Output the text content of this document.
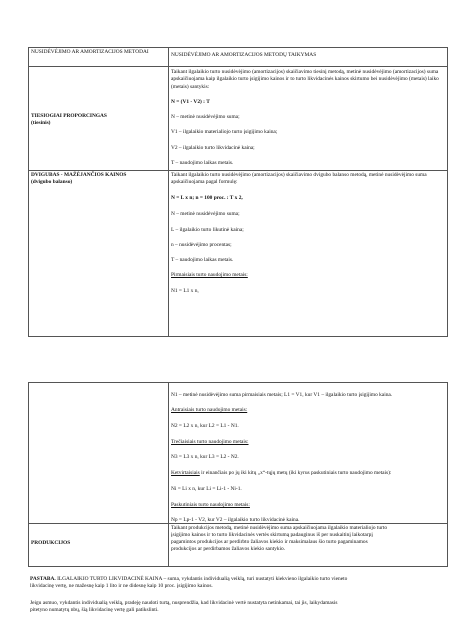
NUSIDĖVĖJIMO AR AMORTIZACIJOS METODAI	NUSIDĖVĖJIMO AR AMORTIZACIJOS METODŲ TAIKYMAS
TIESIOGIAI PROPORCINGAS
(tiesinis)
Taikant ilgalaikio turto nusidėvėjimo (amortizacijos) skaičiavimo tiesinį metodą, metinė nusidėvėjimo (amortizacijos) suma apskaičiuojama kaip ilgalaikio turto įsigijimo kainos ir to turto likvidacinės kainos skirtumo bei nusidėvėjimo (metais) laiko (metais) santykis:
N = (V1 - V2) : T
N – metinė nusidėvėjimo suma;
V1 – ilgalaikio materialiojo turto įsigijimo kaina;
V2 – ilgalaikio turto likvidacinė kaina;
T – naudojimo laikas metais.
DVIGUBAS - MAŽĖJANČIOS KAINOS
(dvigubo balanso)
Taikant ilgalaikio turto nusidėvėjimo (amortizacijos) skaičiavimo dvigubo balanso metodą, metinė nusidėvėjimo suma apskaičiuojama pagal formulę:
N = L x n; n = 100 proc. : T x 2,
N – metinė nusidėvėjimo suma;
L – ilgalaikio turto likutinė kaina;
n – nusidėvėjimo procentas;
T – naudojimo laikas metais.
Pirmaisiais turto naudojimo metais:
N1 = L1 x n,
N1 – metinė nusidėvėjimo suma pirmaisiais metais; L1 = V1, kur V1 – ilgalaikio turto įsigijimo kaina.
Antraisiais turto naudojimo metais:
N2 = L2 x n, kur L2 = L1 - N1.
Trečiaisiais turto naudojimo metais:
N3 = L3 x n, kur L3 = L2 - N2.
Ketvirtaisiais ir einančiais po jų iki kitų „x“-tųjų metų (iki kyrus paskutiniais turto naudojimo metais):
Ni = Li x n, kur Li = Li-1 - Ni-1.
Paskutiniais turto naudojimo metais:
Np = Lp-1 - V2, kur V2 – ilgalaikio turto likvidacinė kaina.
PRODUKCIJOS
Taikant produkcijos metodą, metinė nusidėvėjimo suma apskaičiuojama ilgalaikio materialiojo turto
įsigijimo kainos ir to turto likvidacinės vertės skirtumą padauginus iš per nuskaitinį laikotarpį
pagamintos produkcijos ar perdirbto žaliavos kiekio ir maksimalaus šio turto pagaminamos
produkcijos ar perdirbamos žaliavos kiekio santykio.
PASTABA. ILGALAIKIO TURTO LIKVIDACINĖ KAINA – suma, vykdantis individualią veiklą, turi nustatyti kiekvieno ilgalaikio turto vieneto
likvidacinę vertę, ne mažesnę kaip 1 lito ir ne didesnę kaip 10 proc. įsigijimo kainos.
Jeigu asmuo, vykdantis individualią veiklą, pradeję naudoti turtą, nusprendžia, kad likvidacinė vertė nustatyta netinkamai, tai jis, laikydamasis
pitetyno numatytų nbų, šią likvidacinę vertę gali patikslinti.
